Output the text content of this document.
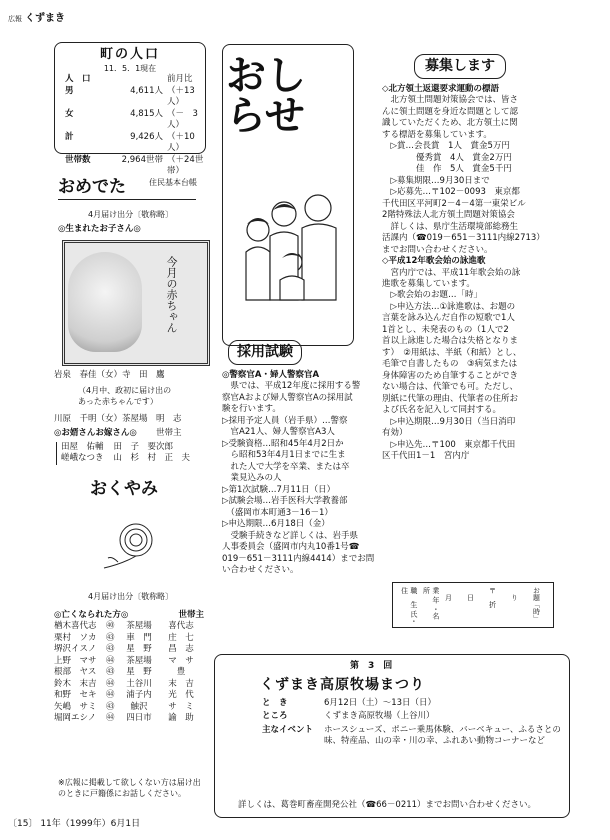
広報 くずまき
町の人口
11．5．1現在
人　口	前月比
男	4,611人 （＋13人）
女	4,815人 （－　3人）
計	9,426人 （＋10人）
世帯数	2,964世帯 （＋24世帯）
住民基本台帳
おめでた
4月届け出分〔敬称略〕
◎生まれたお子さん◎
今月の赤ちゃん
岩泉　春佳（女）寺　田　鷹
（4月中、政初に届け出のあった赤ちゃんです）
川原　千明（女）茶屋場　明　志
◎お婿さんお嫁さん◎ 世帯主
田屋　佑輔 田　子　要次郎
嵯峨なつき 山　杉　村　正　夫
おくやみ
4月届け出分〔敬称略〕
◎亡くなられた方◎	世帯主
楢木喜代志	㊵	茶屋場	喜代志
栗村　ソカ	㊸	車　門	庄　七
堺沢イスノ	㊸	星　野	昌　志
上野　マサ	㊹	茶屋場	マ　サ
根部　ヤス	㊸	星　野	豊
鈴木　末吉	㊹	土谷川	末　吉
和野　セキ	㊹	浦子内	光　代
矢嶋　サミ	㊸	触沢	サ　ミ
堀岡エシノ	㊹	四日市	諭　助
※広報に掲載して欲しくない方は届け出のときに戸籍係にお話しください。
おし
らせ
採用試験
◎警察官A・婦人警察官A
　県では、平成12年度に採用する警
察官Aおよび婦人警察官Aの採用試
験を行います。
▷採用予定人員（岩手県）…警察
　官A21人、婦人警察官A3人
▷受験資格…昭和45年4月2日か
　ら昭和53年4月1日までに生ま
　れた人で大学を卒業、または卒
　業見込みの人
▷第1次試験…7月11日（日）
▷試験会場…岩手医科大学教養部
　（盛岡市本町通3－16－1）
▷申込期限…6月18日（金）
　受験手続きなど詳しくは、岩手県
人事委員会（盛岡市内丸10番1号☎
019－651－3111内線4414）までお問
い合わせください。
募集します
◇北方領土返還要求運動の標語
　北方領土問題対策協会では、皆さ
んに領土問題を身近な問題として認
識していただくため、北方領土に関
する標語を募集しています。
　▷賞…会長賞　1人　賞金5万円
　　　　優秀賞　4人　賞金2万円
　　　　佳　作　5人　賞金5千円
　▷募集期限…9月30日まで
　▷応募先…〒102－0093　東京都
千代田区平河町2－4－4第一東栄ビル
2階特殊法人北方領土問題対策協会
　詳しくは、県庁生活環境部総務生
活課内（☎019－651－3111内線2713）
までお問い合わせください。
◇平成12年歌会始の詠進歌
　宮内庁では、平成11年歌会始の詠
進歌を募集しています。
　▷歌会始のお題…「時」
　▷申込方法…①詠進歌は、お題の
言葉を詠み込んだ自作の短歌で1人
1首とし、未発表のもの（1人で2
首以上詠進した場合は失格となりま
す）　②用紙は、半紙（和紙）とし、
毛筆で自書したもの　③病気または
身体障害のため自筆することができ
ない場合は、代筆でも可。ただし、
別紙に代筆の理由、代筆者の住所お
よび氏名を記入して同封する。
　▷申込期限…9月30日（当日消印
有効）
　▷申込先…〒100　東京都千代田
区千代田1－1　宮内庁
職　生 氏・住	業 年 ・名　所	　月 　日 〒　折 　り　 お題「時」
第　3　回
くずまき高原牧場まつり
と　き	6月12日（土）～13日（日）
ところ	くずまき高原牧場（上谷川）
主なイベント	ホースシューズ、ポニー乗馬体験、バーベキュー、ふるさとの味、特産品、山の幸・川の幸、ふれあい動物コーナーなど
詳しくは、葛巻町畜産開発公社（☎66－0211）までお問い合わせください。
〔15〕 11年（1999年）6月1日
